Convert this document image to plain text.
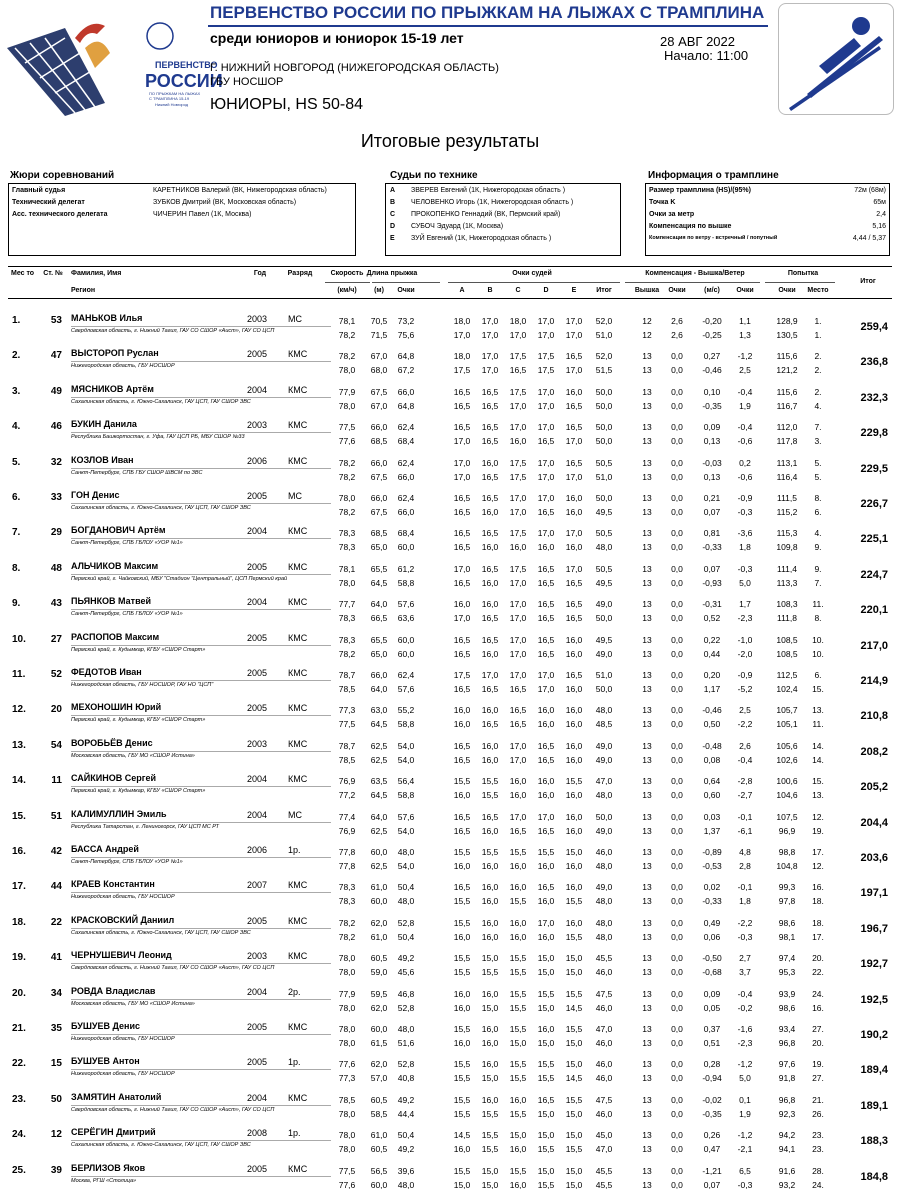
ПЕРВЕНСТВО
РОССИИ
ПО ПРЫЖКАМ НА ЛЫЖАХ
С ТРАМПЛИНА 15-19
Нижний Новгород
ПЕРВЕНСТВО РОССИИ ПО ПРЫЖКАМ НА ЛЫЖАХ С ТРАМПЛИНА
среди юниоров и юниорок 15-19 лет	28 АВГ 2022
Начало: 11:00
Г. НИЖНИЙ НОВГОРОД (НИЖЕГОРОДСКАЯ ОБЛАСТЬ)
ГБУ НОСШОР
ЮНИОРЫ, HS 50-84
Итоговые результаты
Жюри соревнований	Судьи по технике	Информация о трамплине
Главный судья	КАРЕТНИКОВ Валерий (ВК, Нижегородская область)
Технический делегат	ЗУБКОВ Дмитрий (ВК, Московская область)
Асс. технического делегата	ЧИЧЕРИН Павел (1К, Москва)
A ЗВЕРЕВ Евгений (1К, Нижегородская область )
B ЧЕЛОВЕНКО Игорь (1К, Нижегородская область )
C ПРОКОПЕНКО Геннадий (ВК, Пермский край)
D СУБОЧ Эдуард (1К, Москва)
E ЗУЙ Евгений (1К, Нижегородская область )
Размер трамплина (HS)/(95%)	72м (68м)
Точка K	65м
Очки за метр	2,4
Компенсация по вышке	5,16
Компенсация по ветру - встречный / попутный	4,44 / 5,37
Мес то Ст. № Фамилия, Имя
Регион
Год	Разряд	Скорость
(км/ч)
Длина прыжка
(м)	Очки
Очки судей
A	B	C	D	E	Итог
Компенсация - Вышка/Ветер
Вышка	Очки	(м/с)	Очки
Попытка
Очки	Место
Итог
1.	53 МАНЬКОВ Илья	2003 МС
Свердловская область, г. Нижний Тагил, ГАУ СО СШОР «Аист», ГАУ СО ЦСП	259,4
78,1	70,5	73,2	18,0	17,0	18,0	17,0	17,0	52,0	12	2,6	-0,20	1,1	128,9	1.
78,2	71,5	75,6	17,0	17,0	17,0	17,0	17,0	51,0	12	2,6	-0,25	1,3	130,5	1.
2.	47 ВЫСТОРОП Руслан	2005 КМС
Нижегородская область, ГБУ НОСШОР	236,8
78,2	67,0	64,8	18,0	17,0	17,5	17,5	16,5	52,0	13	0,0	0,27	-1,2	115,6	2.
78,0	68,0	67,2	17,5	17,0	16,5	17,5	17,0	51,5	13	0,0	-0,46	2,5	121,2	2.
3.	49 МЯСНИКОВ Артём	2004 КМС
Сахалинская область, г. Южно-Сахалинск, ГАУ ЦСП, ГАУ СШОР ЗВС	232,3
77,9	67,5	66,0	16,5	16,5	17,5	17,0	16,0	50,0	13	0,0	0,10	-0,4	115,6	2.
78,0	67,0	64,8	16,5	16,5	17,0	17,0	16,5	50,0	13	0,0	-0,35	1,9	116,7	4.
4.	46 БУКИН Данила	2003 КМС
Республика Башкортостан, г. Уфа, ГАУ ЦСП РБ, МБУ СШОР №33	229,8
77,5	66,0	62,4	16,5	16,5	17,0	17,0	16,5	50,0	13	0,0	0,09	-0,4	112,0	7.
77,6	68,5	68,4	17,0	16,5	16,0	16,5	17,0	50,0	13	0,0	0,13	-0,6	117,8	3.
5.	32 КОЗЛОВ Иван	2006 КМС
Санкт-Петербург, СПБ ГБУ СШОР ШВСМ по ЗВС	229,5
78,2	66,0	62,4	17,0	16,0	17,5	17,0	16,5	50,5	13	0,0	-0,03	0,2	113,1	5.
78,2	67,5	66,0	17,0	16,5	17,5	17,0	17,0	51,0	13	0,0	0,13	-0,6	116,4	5.
6.	33 ГОН Денис	2005 МС
Сахалинская область, г. Южно-Сахалинск, ГАУ ЦСП, ГАУ СШОР ЗВС	226,7
78,0	66,0	62,4	16,5	16,5	17,0	17,0	16,0	50,0	13	0,0	0,21	-0,9	111,5	8.
78,2	67,5	66,0	16,5	16,0	17,0	16,5	16,0	49,5	13	0,0	0,07	-0,3	115,2	6.
7.	29 БОГДАНОВИЧ Артём	2004 КМС
Санкт-Петербург, СПБ ГБЛОУ «УОР №1»	225,1
78,3	68,5	68,4	16,5	16,5	17,5	17,0	17,0	50,5	13	0,0	0,81	-3,6	115,3	4.
78,3	65,0	60,0	16,5	16,0	16,0	16,0	16,0	48,0	13	0,0	-0,33	1,8	109,8	9.
8.	48 АЛЬЧИКОВ Максим	2005 КМС
Пермский край, г. Чайковский, МБУ "Стадион "Центральный", ЦСП Пермский край	224,7
78,1	65,5	61,2	17,0	16,5	17,5	16,5	17,0	50,5	13	0,0	0,07	-0,3	111,4	9.
78,0	64,5	58,8	16,5	16,0	17,0	16,5	16,5	49,5	13	0,0	-0,93	5,0	113,3	7.
9.	43 ПЬЯНКОВ Матвей	2004 КМС
Санкт-Петербург, СПБ ГБЛОУ «УОР №1»	220,1
77,7	64,0	57,6	16,0	16,0	17,0	16,5	16,5	49,0	13	0,0	-0,31	1,7	108,3	11.
78,3	66,5	63,6	17,0	16,5	17,0	16,5	16,5	50,0	13	0,0	0,52	-2,3	111,8	8.
10.	27 РАСПОПОВ Максим	2005 КМС
Пермский край, г. Кудымкар, КГБУ «СШОР Старт»	217,0
78,3	65,5	60,0	16,5	16,5	17,0	16,5	16,0	49,5	13	0,0	0,22	-1,0	108,5	10.
78,2	65,0	60,0	16,5	16,0	17,0	16,5	16,0	49,0	13	0,0	0,44	-2,0	108,5	10.
11.	52 ФЕДОТОВ Иван	2005 КМС
Нижегородская область, ГБУ НОСШОР, ГАУ НО "ЦСП"	214,9
78,7	66,0	62,4	17,5	17,0	17,0	17,0	16,5	51,0	13	0,0	0,20	-0,9	112,5	6.
78,5	64,0	57,6	16,5	16,5	16,5	17,0	16,0	50,0	13	0,0	1,17	-5,2	102,4	15.
12.	20 МЕХОНОШИН Юрий	2005 КМС
Пермский край, г. Кудымкар, КГБУ «СШОР Старт»	210,8
77,3	63,0	55,2	16,0	16,0	16,5	16,0	16,0	48,0	13	0,0	-0,46	2,5	105,7	13.
77,5	64,5	58,8	16,0	16,5	16,5	16,0	16,0	48,5	13	0,0	0,50	-2,2	105,1	11.
13.	54 ВОРОБЬЁВ Денис	2003 КМС
Московская область, ГБУ МО «СШОР Истина»	208,2
78,7	62,5	54,0	16,5	16,0	17,0	16,5	16,0	49,0	13	0,0	-0,48	2,6	105,6	14.
78,5	62,5	54,0	16,5	16,0	17,0	16,5	16,0	49,0	13	0,0	0,08	-0,4	102,6	14.
14.	11 САЙКИНОВ Сергей	2004 КМС
Пермский край, г. Кудымкар, КГБУ «СШОР Старт»	205,2
76,9	63,5	56,4	15,5	15,5	16,0	16,0	15,5	47,0	13	0,0	0,64	-2,8	100,6	15.
77,2	64,5	58,8	16,0	15,5	16,0	16,0	16,0	48,0	13	0,0	0,60	-2,7	104,6	13.
15.	51 КАЛИМУЛЛИН Эмиль	2004 МС
Республика Татарстан, г. Лениногорск, ГАУ ЦСП МС РТ	204,4
77,4	64,0	57,6	16,5	16,5	17,0	17,0	16,0	50,0	13	0,0	0,03	-0,1	107,5	12.
76,9	62,5	54,0	16,5	16,0	16,5	16,5	16,0	49,0	13	0,0	1,37	-6,1	96,9	19.
16.	42 БАССА Андрей	2006 1р.
Санкт-Петербург, СПБ ГБЛОУ «УОР №1»	203,6
77,8	60,0	48,0	15,5	15,5	15,5	15,5	15,0	46,0	13	0,0	-0,89	4,8	98,8	17.
77,8	62,5	54,0	16,0	16,0	16,0	16,0	16,0	48,0	13	0,0	-0,53	2,8	104,8	12.
17.	44 КРАЕВ Константин	2007 КМС
Нижегородская область, ГБУ НОСШОР	197,1
78,3	61,0	50,4	16,5	16,0	16,0	16,5	16,0	49,0	13	0,0	0,02	-0,1	99,3	16.
78,3	60,0	48,0	15,5	16,0	15,5	16,0	15,5	48,0	13	0,0	-0,33	1,8	97,8	18.
18.	22 КРАСКОВСКИЙ Даниил	2005 КМС
Сахалинская область, г. Южно-Сахалинск, ГАУ ЦСП, ГАУ СШОР ЗВС	196,7
78,2	62,0	52,8	15,5	16,0	16,0	17,0	16,0	48,0	13	0,0	0,49	-2,2	98,6	18.
78,2	61,0	50,4	16,0	16,0	16,0	16,0	15,5	48,0	13	0,0	0,06	-0,3	98,1	17.
19.	41 ЧЕРНУШЕВИЧ Леонид	2003 КМС
Свердловская область, г. Нижний Тагил, ГАУ СО СШОР «Аист», ГАУ СО ЦСП	192,7
78,0	60,5	49,2	15,5	15,0	15,5	15,0	15,0	45,5	13	0,0	-0,50	2,7	97,4	20.
78,0	59,0	45,6	15,5	15,5	15,5	15,0	15,0	46,0	13	0,0	-0,68	3,7	95,3	22.
20.	34 РОВДА Владислав	2004 2р.
Московская область, ГБУ МО «СШОР Истина»	192,5
77,9	59,5	46,8	16,0	16,0	15,5	15,5	15,5	47,5	13	0,0	0,09	-0,4	93,9	24.
78,0	62,0	52,8	16,0	15,0	15,5	15,0	14,5	46,0	13	0,0	0,05	-0,2	98,6	16.
21.	35 БУШУЕВ Денис	2005 КМС
Нижегородская область, ГБУ НОСШОР	190,2
78,0	60,0	48,0	15,5	16,0	15,5	16,0	15,5	47,0	13	0,0	0,37	-1,6	93,4	27.
78,0	61,5	51,6	16,0	16,0	15,0	15,0	15,0	46,0	13	0,0	0,51	-2,3	96,8	20.
22.	15 БУШУЕВ Антон	2005 1р.
Нижегородская область, ГБУ НОСШОР	189,4
77,6	62,0	52,8	15,5	16,0	15,5	15,5	15,0	46,0	13	0,0	0,28	-1,2	97,6	19.
77,3	57,0	40,8	15,5	15,0	15,5	15,5	14,5	46,0	13	0,0	-0,94	5,0	91,8	27.
23.	50 ЗАМЯТИН Анатолий	2004 КМС
Свердловская область, г. Нижний Тагил, ГАУ СО СШОР «Аист», ГАУ СО ЦСП	189,1
78,5	60,5	49,2	15,5	16,0	16,0	16,5	15,5	47,5	13	0,0	-0,02	0,1	96,8	21.
78,0	58,5	44,4	15,5	15,5	15,5	15,0	15,0	46,0	13	0,0	-0,35	1,9	92,3	26.
24.	12 СЕРЁГИН Дмитрий	2008 1р.
Сахалинская область, г. Южно-Сахалинск, ГАУ ЦСП, ГАУ СШОР ЗВС	188,3
78,0	61,0	50,4	14,5	15,5	15,0	15,0	15,0	45,0	13	0,0	0,26	-1,2	94,2	23.
78,0	60,5	49,2	16,0	15,5	16,0	15,5	15,5	47,0	13	0,0	0,47	-2,1	94,1	23.
25.	39 БЕРЛИЗОВ Яков	2005 КМС
Москва, РГШ «Столица»	184,8
77,5	56,5	39,6	15,5	15,0	15,5	15,0	15,0	45,5	13	0,0	-1,21	6,5	91,6	28.
77,6	60,0	48,0	15,0	15,0	16,0	15,5	15,0	45,5	13	0,0	0,07	-0,3	93,2	24.
